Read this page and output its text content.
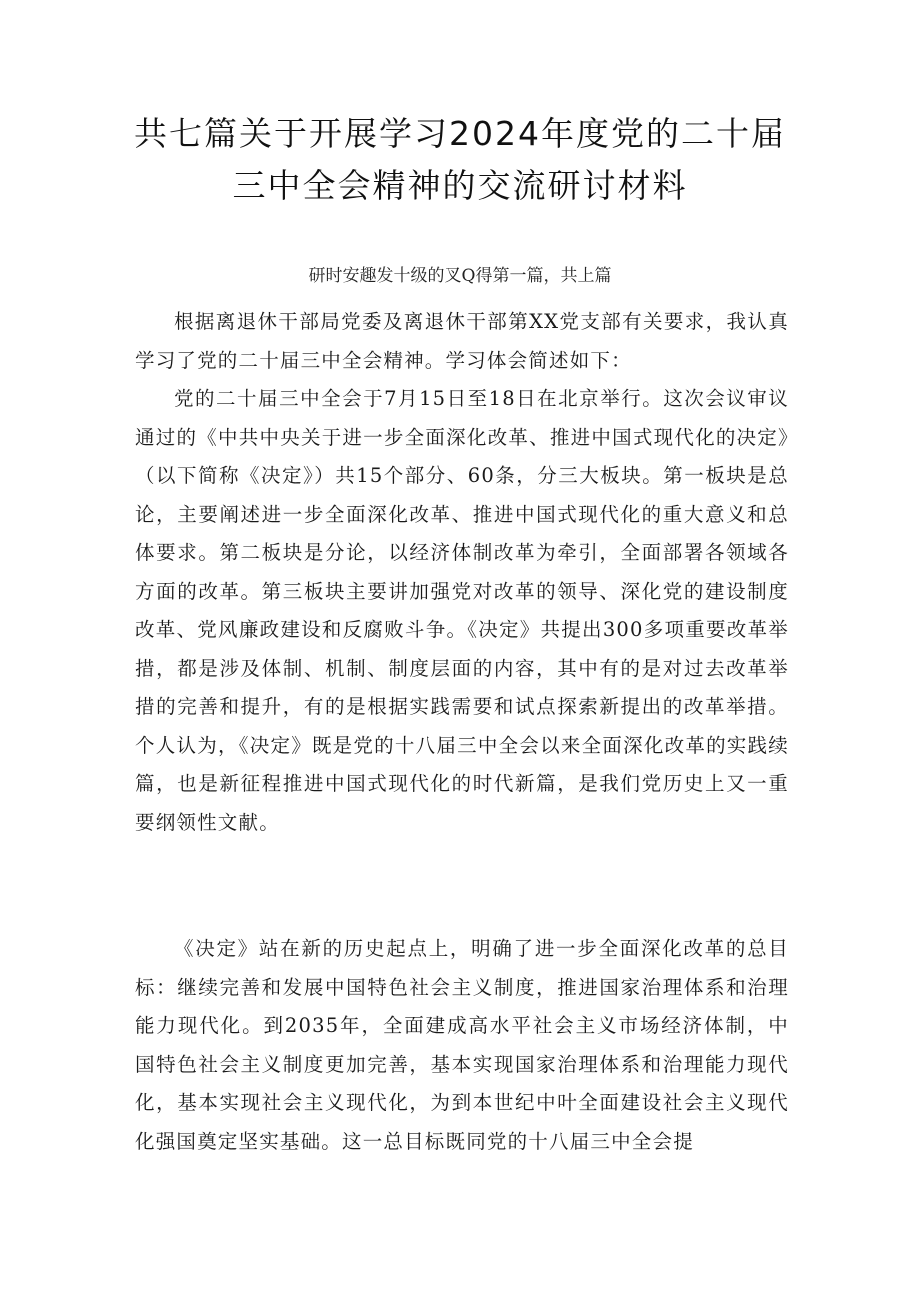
共七篇关于开展学习2024年度党的二十届
三中全会精神的交流研讨材料
研时安趣发十级的叉Q得第一篇，共上篇

根据离退休干部局党委及离退休干部第XX党支部有关要求，我认真学习了党的二十届三中全会精神。学习体会简述如下：

党的二十届三中全会于7月15日至18日在北京举行。这次会议审议通过的《中共中央关于进一步全面深化改革、推进中国式现代化的决定》（以下简称《决定》）共15个部分、60条，分三大板块。第一板块是总论，主要阐述进一步全面深化改革、推进中国式现代化的重大意义和总体要求。第二板块是分论，以经济体制改革为牵引，全面部署各领域各方面的改革。第三板块主要讲加强党对改革的领导、深化党的建设制度改革、党风廉政建设和反腐败斗争。《决定》共提出300多项重要改革举措，都是涉及体制、机制、制度层面的内容，其中有的是对过去改革举措的完善和提升，有的是根据实践需要和试点探索新提出的改革举措。个人认为，《决定》既是党的十八届三中全会以来全面深化改革的实践续篇，也是新征程推进中国式现代化的时代新篇，是我们党历史上又一重要纲领性文献。

《决定》站在新的历史起点上，明确了进一步全面深化改革的总目标：继续完善和发展中国特色社会主义制度，推进国家治理体系和治理能力现代化。到2035年，全面建成高水平社会主义市场经济体制，中国特色社会主义制度更加完善，基本实现国家治理体系和治理能力现代化，基本实现社会主义现代化，为到本世纪中叶全面建设社会主义现代化强国奠定坚实基础。这一总目标既同党的十八届三中全会提
